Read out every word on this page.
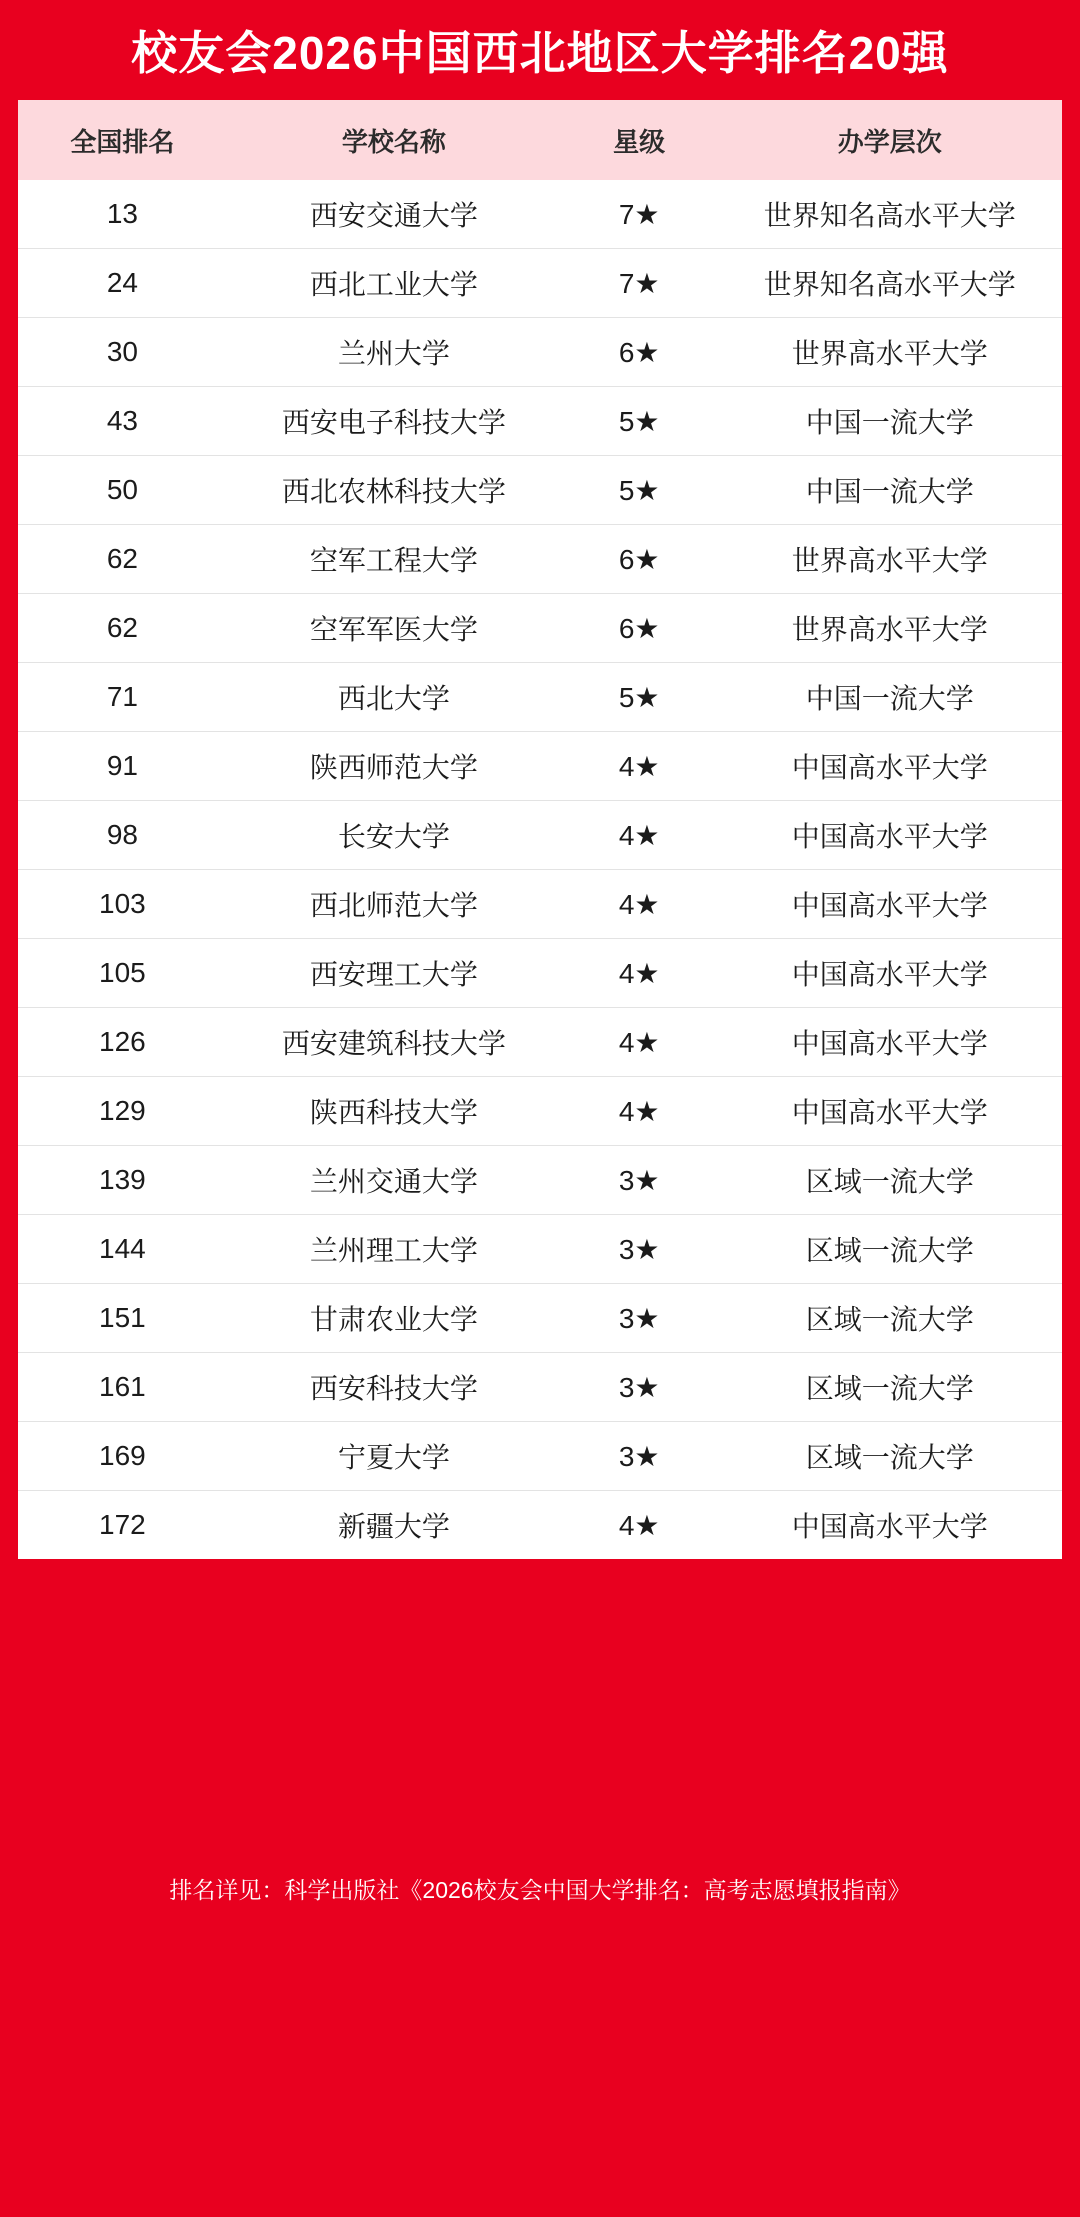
校友会2026中国西北地区大学排名20强
全国排名	学校名称	星级	办学层次
13	西安交通大学	7★	世界知名高水平大学
24	西北工业大学	7★	世界知名高水平大学
30	兰州大学	6★	世界高水平大学
43	西安电子科技大学	5★	中国一流大学
50	西北农林科技大学	5★	中国一流大学
62	空军工程大学	6★	世界高水平大学
62	空军军医大学	6★	世界高水平大学
71	西北大学	5★	中国一流大学
91	陕西师范大学	4★	中国高水平大学
98	长安大学	4★	中国高水平大学
103	西北师范大学	4★	中国高水平大学
105	西安理工大学	4★	中国高水平大学
126	西安建筑科技大学	4★	中国高水平大学
129	陕西科技大学	4★	中国高水平大学
139	兰州交通大学	3★	区域一流大学
144	兰州理工大学	3★	区域一流大学
151	甘肃农业大学	3★	区域一流大学
161	西安科技大学	3★	区域一流大学
169	宁夏大学	3★	区域一流大学
172	新疆大学	4★	中国高水平大学
排名详见：科学出版社《2026校友会中国大学排名：高考志愿填报指南》
